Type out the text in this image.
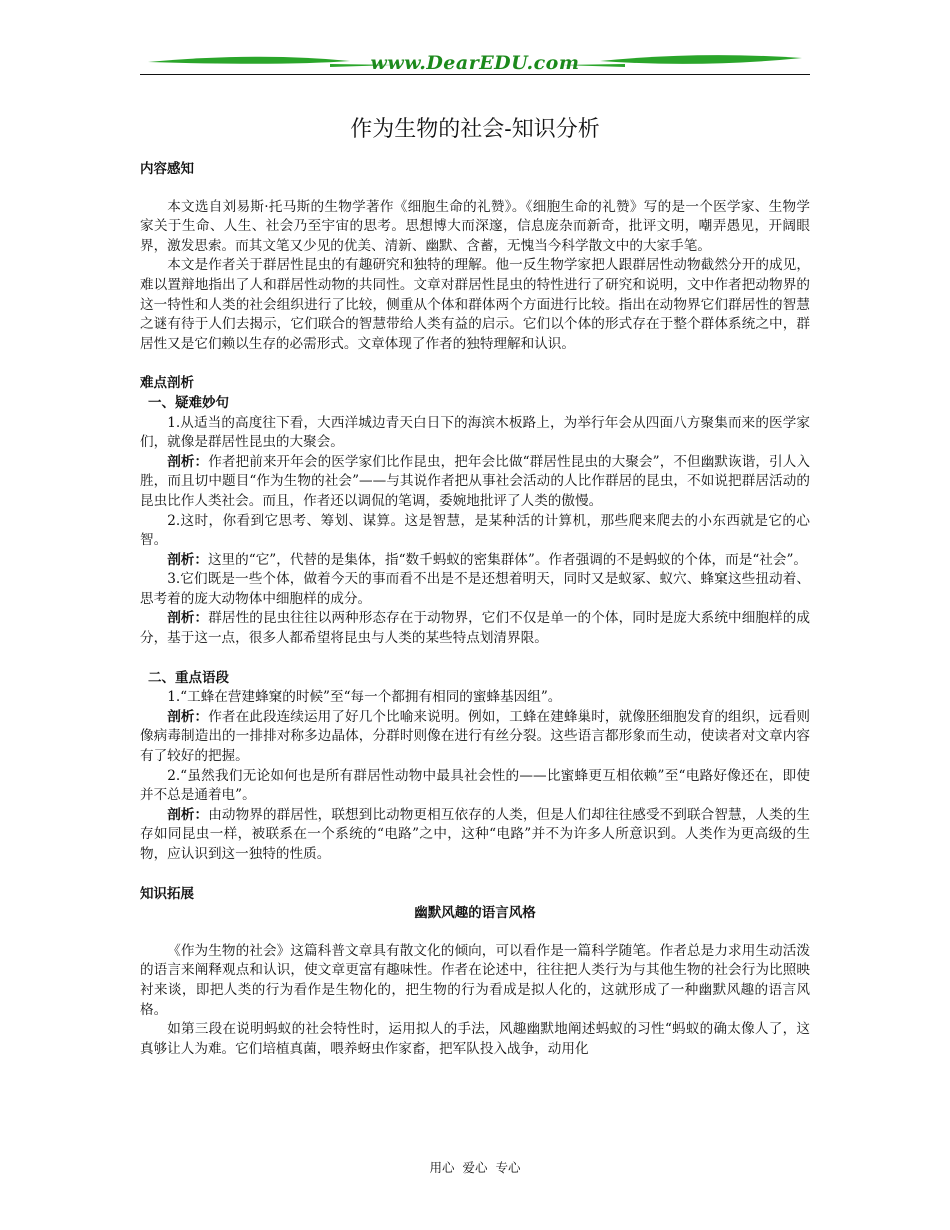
www.DearEDU.com
作为生物的社会-知识分析
内容感知

本文选自刘易斯·托马斯的生物学著作《细胞生命的礼赞》。《细胞生命的礼赞》写的是一个医学家、生物学家关于生命、人生、社会乃至宇宙的思考。思想博大而深邃，信息庞杂而新奇，批评文明，嘲弄愚见，开阔眼界，激发思索。而其文笔又少见的优美、清新、幽默、含蓄，无愧当今科学散文中的大家手笔。

本文是作者关于群居性昆虫的有趣研究和独特的理解。他一反生物学家把人跟群居性动物截然分开的成见，难以置辩地指出了人和群居性动物的共同性。文章对群居性昆虫的特性进行了研究和说明，文中作者把动物界的这一特性和人类的社会组织进行了比较，侧重从个体和群体两个方面进行比较。指出在动物界它们群居性的智慧之谜有待于人们去揭示，它们联合的智慧带给人类有益的启示。它们以个体的形式存在于整个群体系统之中，群居性又是它们赖以生存的必需形式。文章体现了作者的独特理解和认识。

难点剖析
一、疑难妙句

1.从适当的高度往下看，大西洋城边青天白日下的海滨木板路上，为举行年会从四面八方聚集而来的医学家们，就像是群居性昆虫的大聚会。

剖析：作者把前来开年会的医学家们比作昆虫，把年会比做“群居性昆虫的大聚会”，不但幽默诙谐，引人入胜，而且切中题目“作为生物的社会”——与其说作者把从事社会活动的人比作群居的昆虫，不如说把群居活动的昆虫比作人类社会。而且，作者还以调侃的笔调，委婉地批评了人类的傲慢。

2.这时，你看到它思考、筹划、谋算。这是智慧，是某种活的计算机，那些爬来爬去的小东西就是它的心智。

剖析：这里的“它”，代替的是集体，指“数千蚂蚁的密集群体”。作者强调的不是蚂蚁的个体，而是“社会”。

3.它们既是一些个体，做着今天的事而看不出是不是还想着明天，同时又是蚁冢、蚁穴、蜂窠这些扭动着、思考着的庞大动物体中细胞样的成分。

剖析：群居性的昆虫往往以两种形态存在于动物界，它们不仅是单一的个体，同时是庞大系统中细胞样的成分，基于这一点，很多人都希望将昆虫与人类的某些特点划清界限。

二、重点语段

1.“工蜂在营建蜂窠的时候”至“每一个都拥有相同的蜜蜂基因组”。

剖析：作者在此段连续运用了好几个比喻来说明。例如，工蜂在建蜂巢时，就像胚细胞发育的组织，远看则像病毒制造出的一排排对称多边晶体，分群时则像在进行有丝分裂。这些语言都形象而生动，使读者对文章内容有了较好的把握。

2.“虽然我们无论如何也是所有群居性动物中最具社会性的——比蜜蜂更互相依赖”至“电路好像还在，即使并不总是通着电”。

剖析：由动物界的群居性，联想到比动物更相互依存的人类，但是人们却往往感受不到联合智慧，人类的生存如同昆虫一样，被联系在一个系统的“电路”之中，这种“电路”并不为许多人所意识到。人类作为更高级的生物，应认识到这一独特的性质。

知识拓展
幽默风趣的语言风格

《作为生物的社会》这篇科普文章具有散文化的倾向，可以看作是一篇科学随笔。作者总是力求用生动活泼的语言来阐释观点和认识，使文章更富有趣味性。作者在论述中，往往把人类行为与其他生物的社会行为比照映衬来谈，即把人类的行为看作是生物化的，把生物的行为看成是拟人化的，这就形成了一种幽默风趣的语言风格。

如第三段在说明蚂蚁的社会特性时，运用拟人的手法，风趣幽默地阐述蚂蚁的习性“蚂蚁的确太像人了，这真够让人为难。它们培植真菌，喂养蚜虫作家畜，把军队投入战争，动用化

用心 爱心 专心
